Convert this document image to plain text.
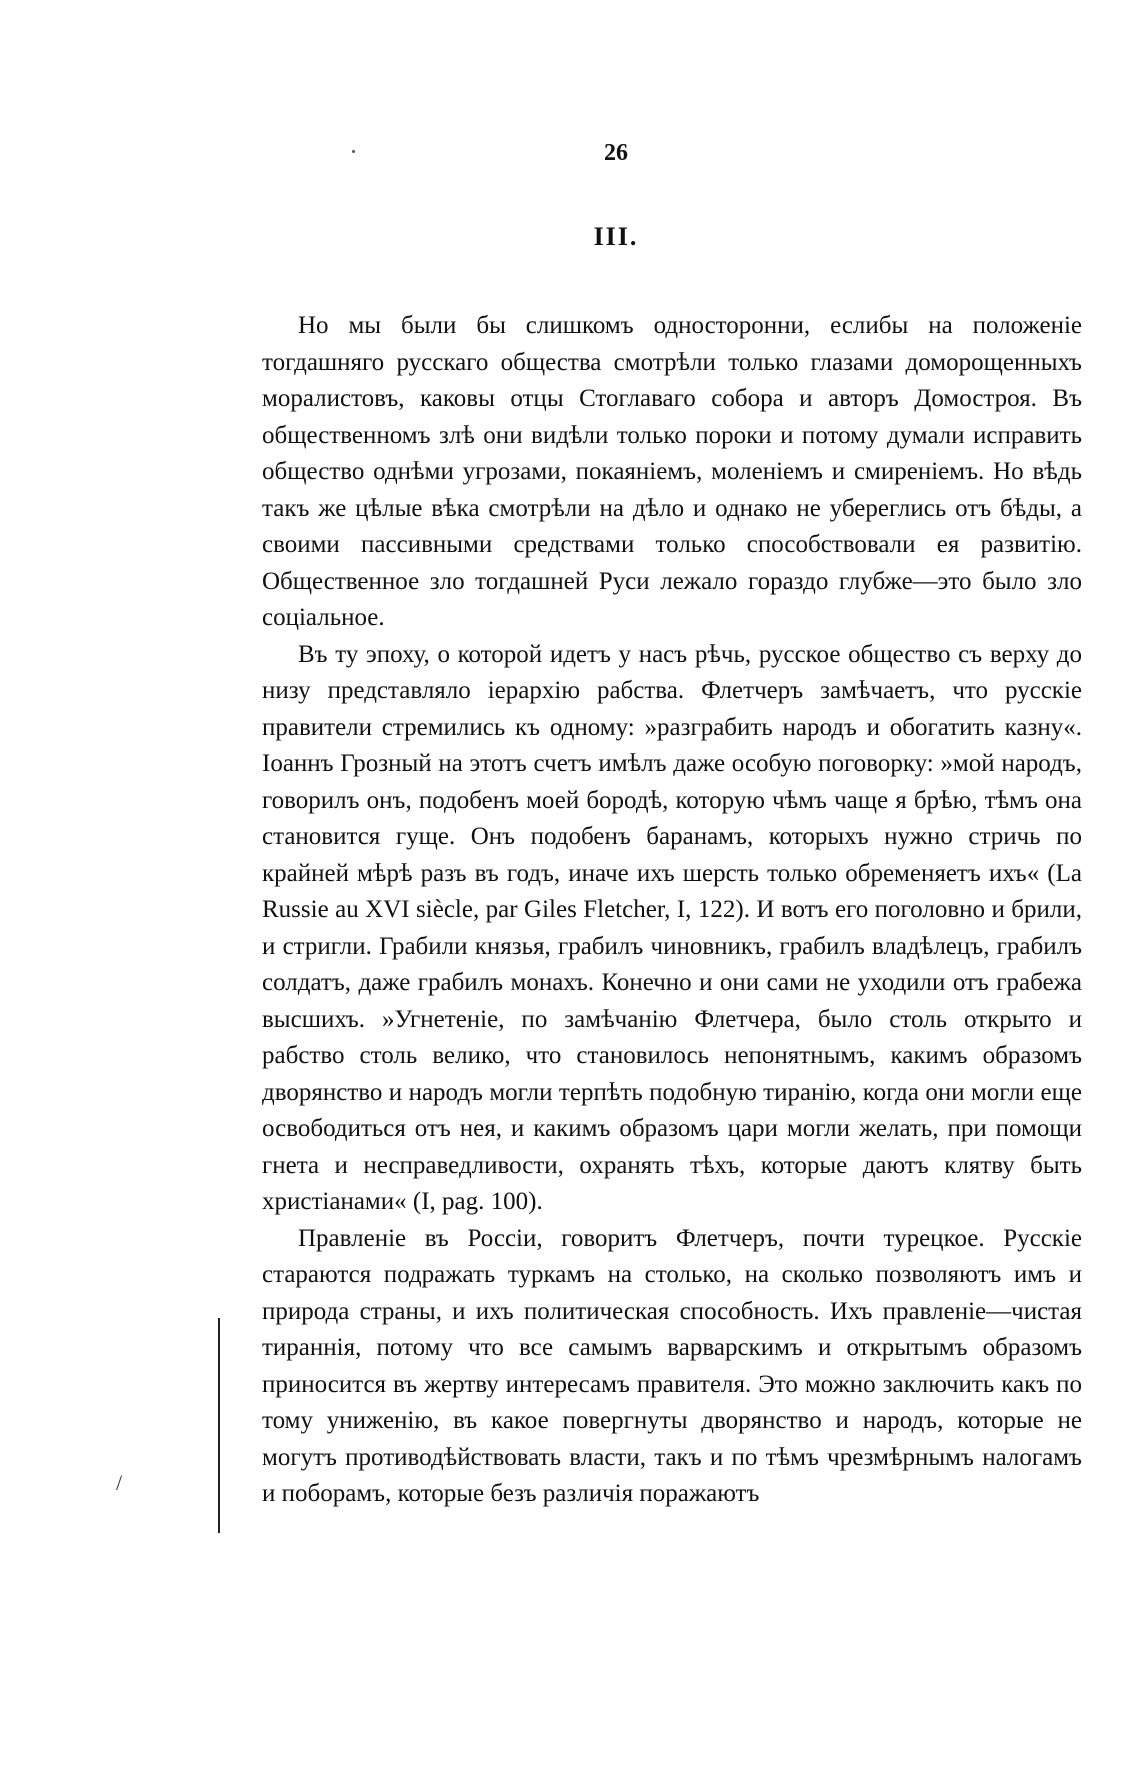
26
III.

Но мы были бы слишкомъ односторонни, еслибы на положеніе тогдашняго русскаго общества смотрѣли только глазами доморощенныхъ моралистовъ, каковы отцы Стоглаваго собора и авторъ Домостроя. Въ общественномъ злѣ они видѣли только пороки и потому думали исправить общество однѣми угрозами, покаяніемъ, моленіемъ и смиреніемъ. Но вѣдь такъ же цѣлые вѣка смотрѣли на дѣло и однако не убереглись отъ бѣды, а своими пассивными средствами только способствовали ея развитію. Общественное зло тогдашней Руси лежало гораздо глубже—это было зло соціальное.

Въ ту эпоху, о которой идетъ у насъ рѣчь, русское общество съ верху до низу представляло іерархію рабства. Флетчеръ замѣчаетъ, что русскіе правители стремились къ одному: »разграбить народъ и обогатить казну«. Іоаннъ Грозный на этотъ счетъ имѣлъ даже особую поговорку: »мой народъ, говорилъ онъ, подобенъ моей бородѣ, которую чѣмъ чаще я брѣю, тѣмъ она становится гуще. Онъ подобенъ баранамъ, которыхъ нужно стричь по крайней мѣрѣ разъ въ годъ, иначе ихъ шерсть только обременяетъ ихъ« (La Russie au XVI siècle, par Giles Fletcher, I, 122). И вотъ его поголовно и брили, и стригли. Грабили князья, грабилъ чиновникъ, грабилъ владѣлецъ, грабилъ солдатъ, даже грабилъ монахъ. Конечно и они сами не уходили отъ грабежа высшихъ. »Угнетеніе, по замѣчанію Флетчера, было столь открыто и рабство столь велико, что становилось непонятнымъ, какимъ образомъ дворянство и народъ могли терпѣть подобную тиранію, когда они могли еще освободиться отъ нея, и какимъ образомъ цари могли желать, при помощи гнета и несправедливости, охранять тѣхъ, которые даютъ клятву быть христіанами« (I, pag. 100).

Правленіе въ Россіи, говоритъ Флетчеръ, почти турецкое. Русскіе стараются подражать туркамъ на столько, на сколько позволяютъ имъ и природа страны, и ихъ политическая способность. Ихъ правленіе—чистая тираннія, потому что все самымъ варварскимъ и открытымъ образомъ приносится въ жертву интересамъ правителя. Это можно заключить какъ по тому униженію, въ какое повергнуты дворянство и народъ, которые не могутъ противодѣйствовать власти, такъ и по тѣмъ чрезмѣрнымъ налогамъ и поборамъ, которые безъ различія поражаютъ

/
